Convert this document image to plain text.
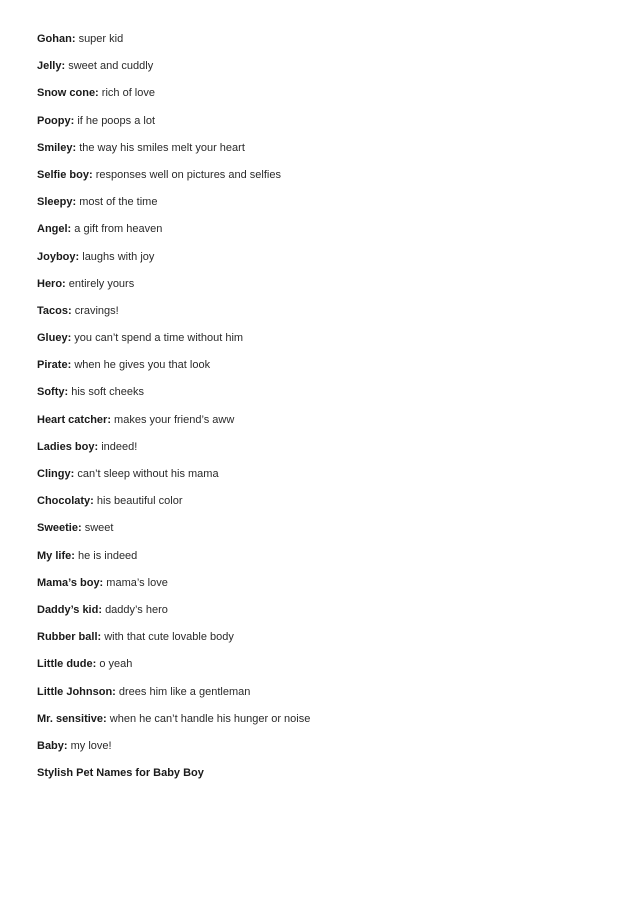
Gohan: super kid
Jelly: sweet and cuddly
Snow cone: rich of love
Poopy: if he poops a lot
Smiley: the way his smiles melt your heart
Selfie boy: responses well on pictures and selfies
Sleepy: most of the time
Angel: a gift from heaven
Joyboy: laughs with joy
Hero: entirely yours
Tacos: cravings!
Gluey: you can’t spend a time without him
Pirate: when he gives you that look
Softy: his soft cheeks
Heart catcher: makes your friend’s aww
Ladies boy: indeed!
Clingy: can’t sleep without his mama
Chocolaty: his beautiful color
Sweetie: sweet
My life: he is indeed
Mama’s boy: mama’s love
Daddy’s kid: daddy’s hero
Rubber ball: with that cute lovable body
Little dude: o yeah
Little Johnson: drees him like a gentleman
Mr. sensitive: when he can’t handle his hunger or noise
Baby: my love!

Stylish Pet Names for Baby Boy
